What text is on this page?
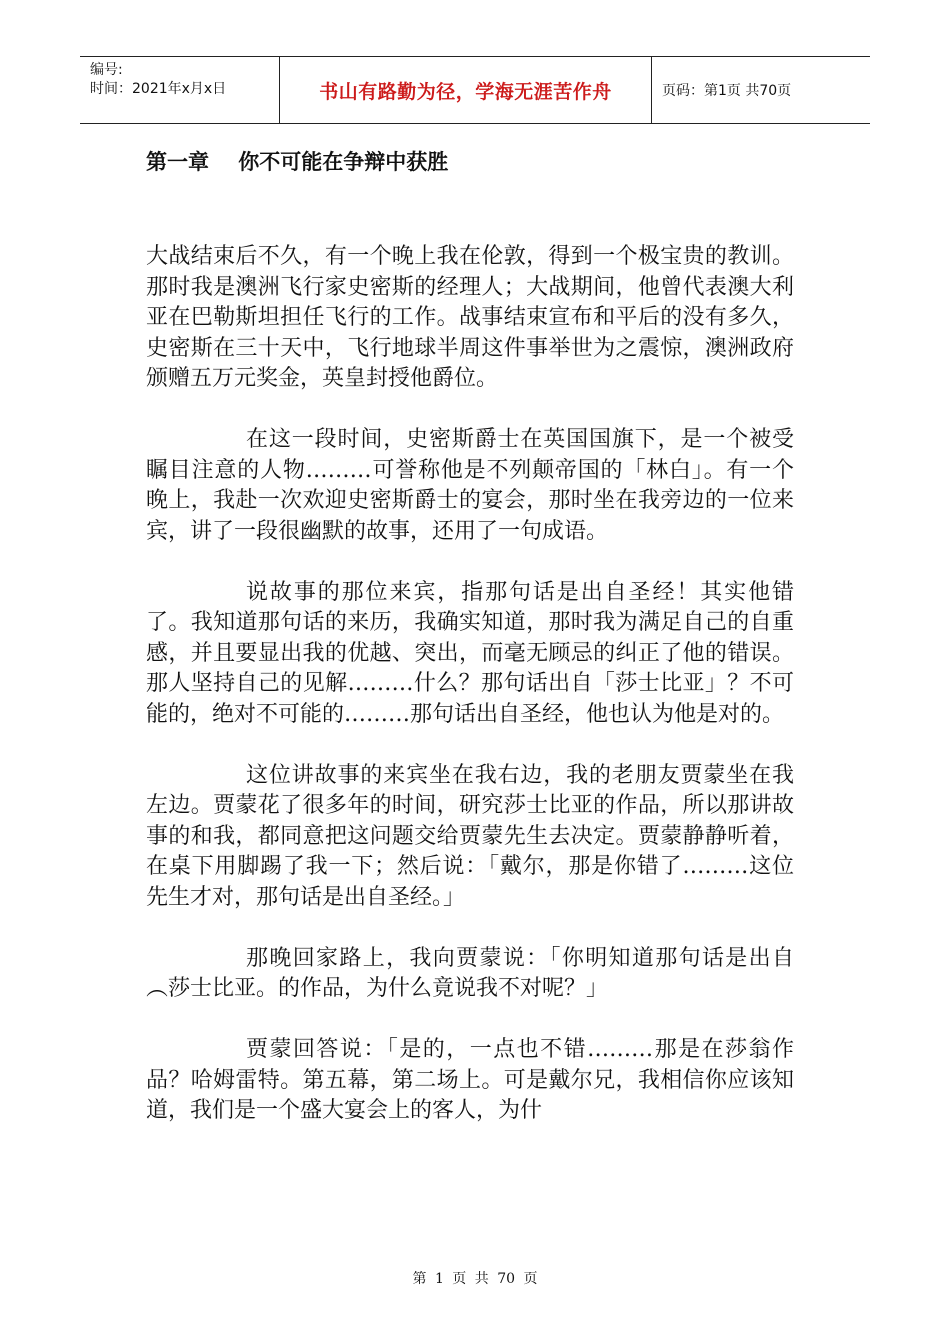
编号:
时间：2021年x月x日	书山有路勤为径，学海无涯苦作舟	页码：第1页 共70页
第一章 你不可能在争辩中获胜

大战结束后不久，有一个晚上我在伦敦，得到一个极宝贵的教训。那时我是澳洲飞行家史密斯的经理人；大战期间，他曾代表澳大利亚在巴勒斯坦担任飞行的工作。战事结束宣布和平后的没有多久，史密斯在三十天中，飞行地球半周这件事举世为之震惊，澳洲政府颁赠五万元奖金，英皇封授他爵位。

在这一段时间，史密斯爵士在英国国旗下，是一个被受瞩目注意的人物………可誉称他是不列颠帝国的「林白」。有一个晚上，我赴一次欢迎史密斯爵士的宴会，那时坐在我旁边的一位来宾，讲了一段很幽默的故事，还用了一句成语。

说故事的那位来宾，指那句话是出自圣经！其实他错了。我知道那句话的来历，我确实知道，那时我为满足自己的自重感，并且要显出我的优越、突出，而毫无顾忌的纠正了他的错误。那人坚持自己的见解………什么？那句话出自「莎士比亚」？不可能的，绝对不可能的………那句话出自圣经，他也认为他是对的。

这位讲故事的来宾坐在我右边，我的老朋友贾蒙坐在我左边。贾蒙花了很多年的时间，研究莎士比亚的作品，所以那讲故事的和我，都同意把这问题交给贾蒙先生去决定。贾蒙静静听着，在桌下用脚踢了我一下；然后说：「戴尔，那是你错了………这位先生才对，那句话是出自圣经。」

那晚回家路上，我向贾蒙说：「你明知道那句话是出自︵莎士比亚。的作品，为什么竟说我不对呢？」

贾蒙回答说：「是的，一点也不错………那是在莎翁作品？哈姆雷特。第五幕，第二场上。可是戴尔兄，我相信你应该知道，我们是一个盛大宴会上的客人，为什

第 1 页 共 70 页
